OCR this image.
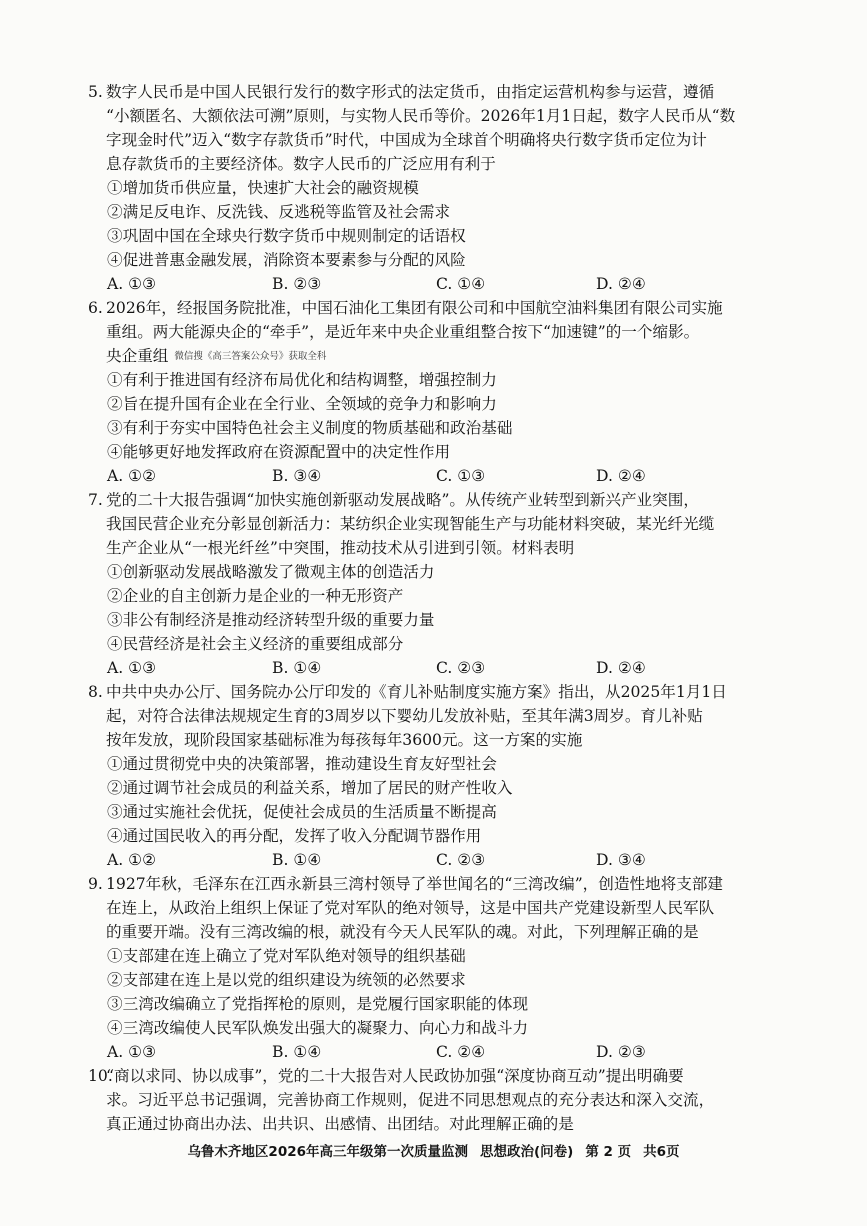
5. 数字人民币是中国人民银行发行的数字形式的法定货币，由指定运营机构参与运营，遵循
“小额匿名、大额依法可溯”原则，与实物人民币等价。2026年1月1日起，数字人民币从“数
字现金时代”迈入“数字存款货币”时代，中国成为全球首个明确将央行数字货币定位为计
息存款货币的主要经济体。数字人民币的广泛应用有利于
①增加货币供应量，快速扩大社会的融资规模
②满足反电诈、反洗钱、反逃税等监管及社会需求
③巩固中国在全球央行数字货币中规则制定的话语权
④促进普惠金融发展，消除资本要素参与分配的风险
A. ①③	B. ②③	C. ①④	D. ②④
6. 2026年，经报国务院批准，中国石油化工集团有限公司和中国航空油料集团有限公司实施
重组。两大能源央企的“牵手”，是近年来中央企业重组整合按下“加速键”的一个缩影。
央企重组 微信搜《高三答案公众号》获取全科
①有利于推进国有经济布局优化和结构调整，增强控制力
②旨在提升国有企业在全行业、全领域的竞争力和影响力
③有利于夯实中国特色社会主义制度的物质基础和政治基础
④能够更好地发挥政府在资源配置中的决定性作用
A. ①②	B. ③④	C. ①③	D. ②④
7. 党的二十大报告强调“加快实施创新驱动发展战略”。从传统产业转型到新兴产业突围，
我国民营企业充分彰显创新活力：某纺织企业实现智能生产与功能材料突破，某光纤光缆
生产企业从“一根光纤丝”中突围，推动技术从引进到引领。材料表明
①创新驱动发展战略激发了微观主体的创造活力
②企业的自主创新力是企业的一种无形资产
③非公有制经济是推动经济转型升级的重要力量
④民营经济是社会主义经济的重要组成部分
A. ①③	B. ①④	C. ②③	D. ②④
8. 中共中央办公厅、国务院办公厅印发的《育儿补贴制度实施方案》指出，从2025年1月1日
起，对符合法律法规规定生育的3周岁以下婴幼儿发放补贴，至其年满3周岁。育儿补贴
按年发放，现阶段国家基础标准为每孩每年3600元。这一方案的实施
①通过贯彻党中央的决策部署，推动建设生育友好型社会
②通过调节社会成员的利益关系，增加了居民的财产性收入
③通过实施社会优抚，促使社会成员的生活质量不断提高
④通过国民收入的再分配，发挥了收入分配调节器作用
A. ①②	B. ①④	C. ②③	D. ③④
9. 1927年秋，毛泽东在江西永新县三湾村领导了举世闻名的“三湾改编”，创造性地将支部建
在连上，从政治上组织上保证了党对军队的绝对领导，这是中国共产党建设新型人民军队
的重要开端。没有三湾改编的根，就没有今天人民军队的魂。对此，下列理解正确的是
①支部建在连上确立了党对军队绝对领导的组织基础
②支部建在连上是以党的组织建设为统领的必然要求
③三湾改编确立了党指挥枪的原则，是党履行国家职能的体现
④三湾改编使人民军队焕发出强大的凝聚力、向心力和战斗力
A. ①③	B. ①④	C. ②④	D. ②③
10.
“商以求同、协以成事”，党的二十大报告对人民政协加强“深度协商互动”提出明确要
求。习近平总书记强调，完善协商工作规则，促进不同思想观点的充分表达和深入交流，
真正通过协商出办法、出共识、出感情、出团结。对此理解正确的是
乌鲁木齐地区2026年高三年级第一次质量监测 思想政治(问卷) 第 2 页 共6页
